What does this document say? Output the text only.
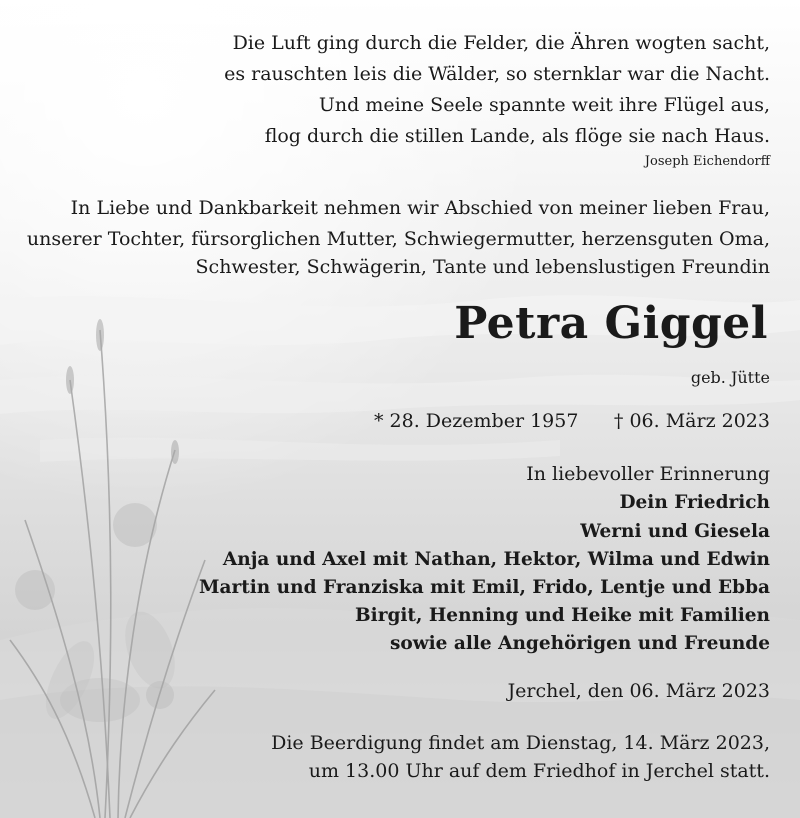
Die Luft ging durch die Felder, die Ähren wogten sacht,
es rauschten leis die Wälder, so sternklar war die Nacht.
Und meine Seele spannte weit ihre Flügel aus,
flog durch die stillen Lande, als flöge sie nach Haus.
Joseph Eichendorff
In Liebe und Dankbarkeit nehmen wir Abschied von meiner lieben Frau,
unserer Tochter, fürsorglichen Mutter, Schwiegermutter, herzensguten Oma,
Schwester, Schwägerin, Tante und lebenslustigen Freundin
Petra Giggel
geb. Jütte
* 28. Dezember 1957 † 06. März 2023
In liebevoller Erinnerung
Dein Friedrich
Werni und Giesela
Anja und Axel mit Nathan, Hektor, Wilma und Edwin
Martin und Franziska mit Emil, Frido, Lentje und Ebba
Birgit, Henning und Heike mit Familien
sowie alle Angehörigen und Freunde
Jerchel, den 06. März 2023
Die Beerdigung findet am Dienstag, 14. März 2023,
um 13.00 Uhr auf dem Friedhof in Jerchel statt.
